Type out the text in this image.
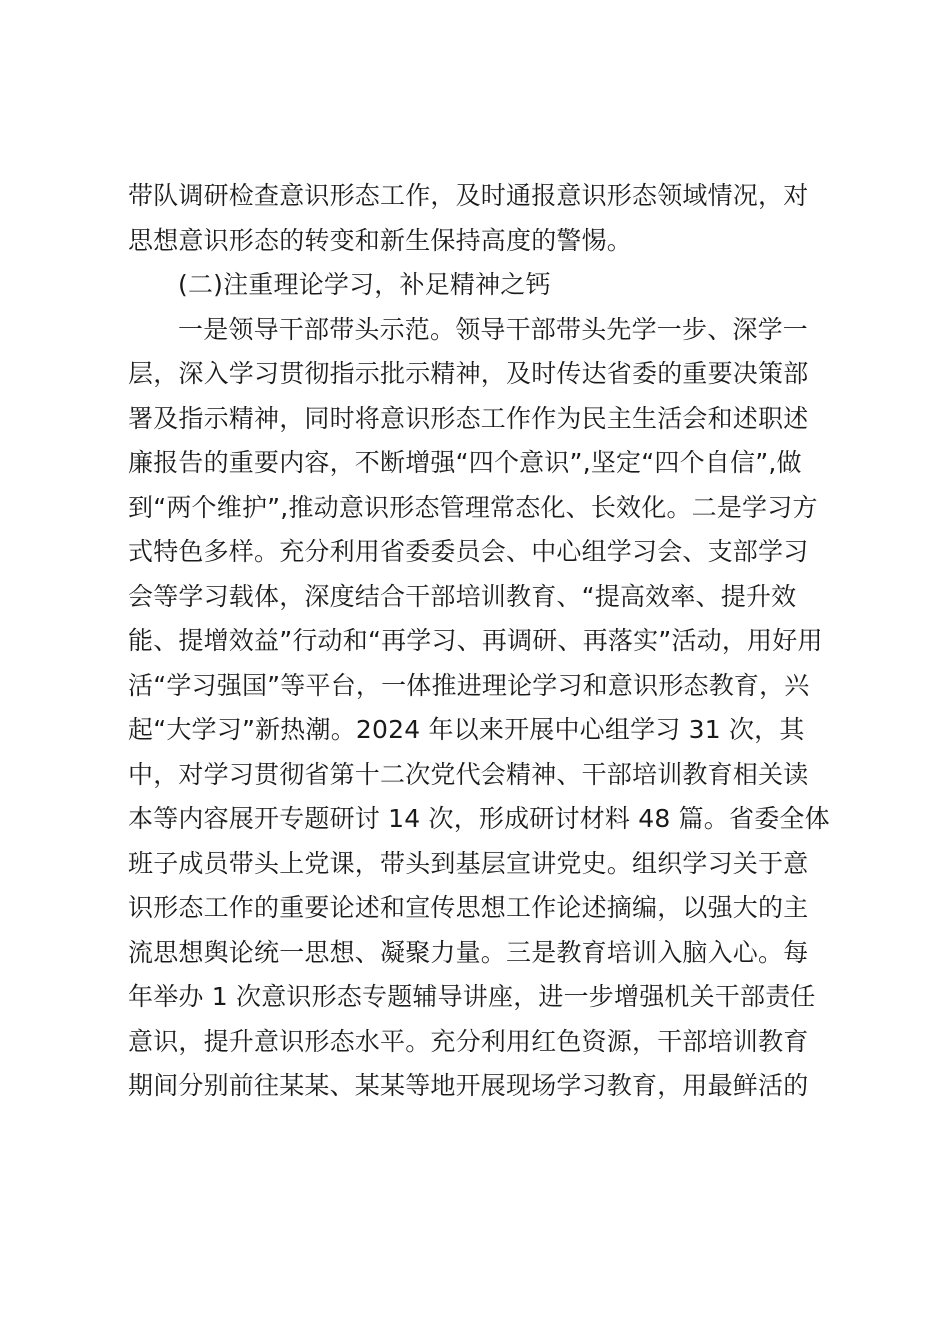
带队调研检查意识形态工作，及时通报意识形态领域情况，对
思想意识形态的转变和新生保持高度的警惕。
(二)注重理论学习，补足精神之钙
一是领导干部带头示范。领导干部带头先学一步、深学一
层，深入学习贯彻指示批示精神，及时传达省委的重要决策部
署及指示精神，同时将意识形态工作作为民主生活会和述职述
廉报告的重要内容，不断增强“四个意识”,坚定“四个自信”,做
到“两个维护”,推动意识形态管理常态化、长效化。二是学习方
式特色多样。充分利用省委委员会、中心组学习会、支部学习
会等学习载体，深度结合干部培训教育、“提高效率、提升效
能、提增效益”行动和“再学习、再调研、再落实”活动，用好用
活“学习强国”等平台，一体推进理论学习和意识形态教育，兴
起“大学习”新热潮。2024 年以来开展中心组学习 31 次，其
中，对学习贯彻省第十二次党代会精神、干部培训教育相关读
本等内容展开专题研讨 14 次，形成研讨材料 48 篇。省委全体
班子成员带头上党课，带头到基层宣讲党史。组织学习关于意
识形态工作的重要论述和宣传思想工作论述摘编，以强大的主
流思想舆论统一思想、凝聚力量。三是教育培训入脑入心。每
年举办 1 次意识形态专题辅导讲座，进一步增强机关干部责任
意识，提升意识形态水平。充分利用红色资源，干部培训教育
期间分别前往某某、某某等地开展现场学习教育，用最鲜活的
